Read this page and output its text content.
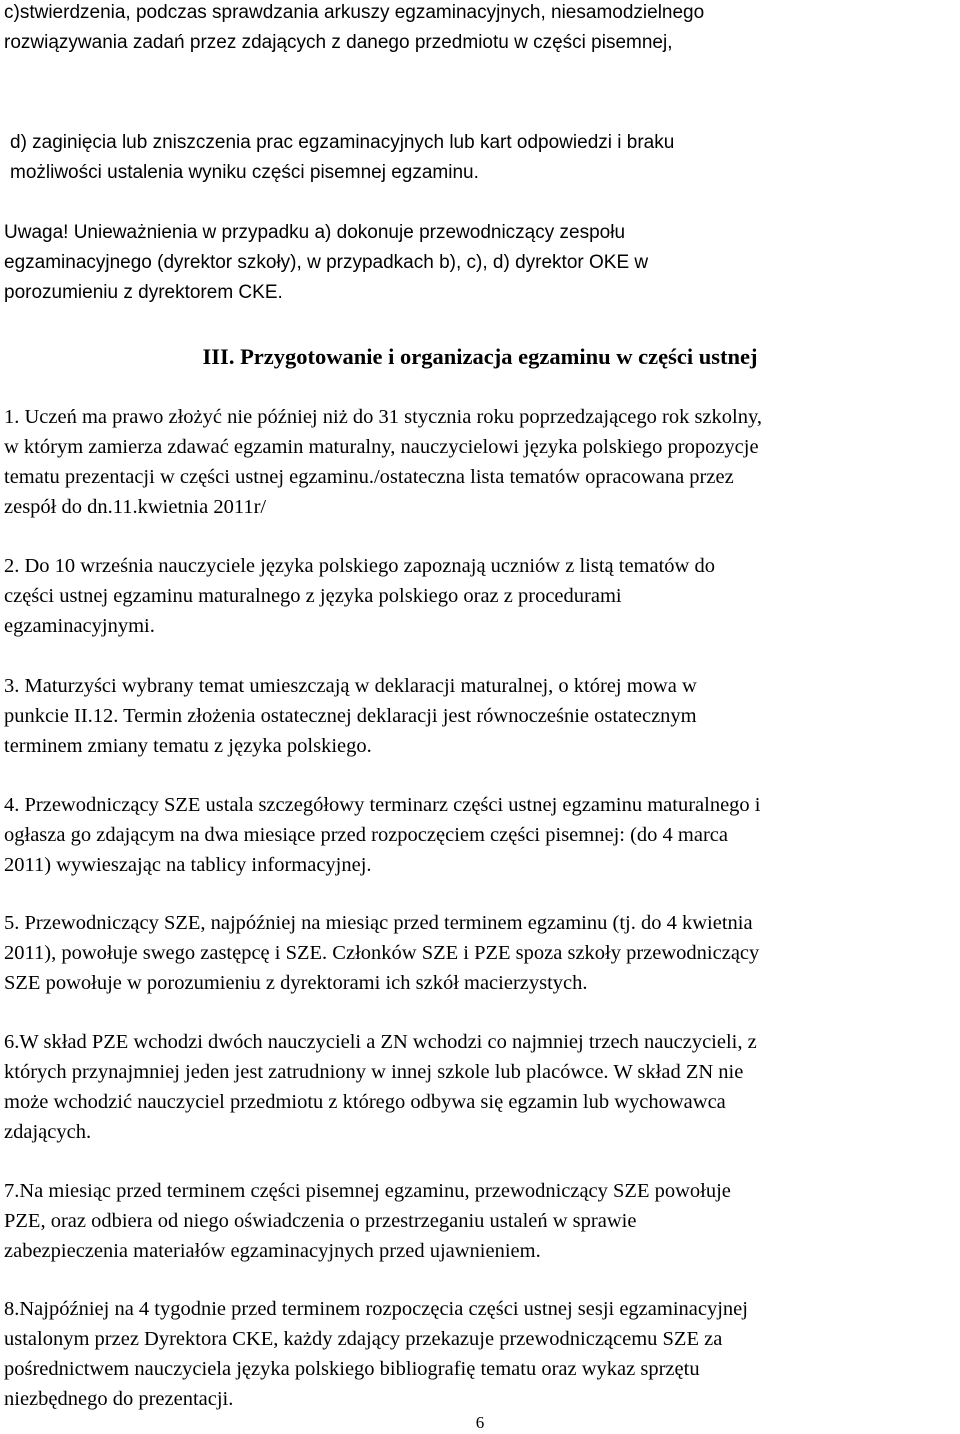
c)stwierdzenia, podczas sprawdzania arkuszy egzaminacyjnych, niesamodzielnego
rozwiązywania zadań przez zdających z danego przedmiotu w części pisemnej,

d) zaginięcia lub zniszczenia prac egzaminacyjnych lub kart odpowiedzi i braku
możliwości ustalenia wyniku części pisemnej egzaminu.

Uwaga! Unieważnienia w przypadku a) dokonuje przewodniczący zespołu
egzaminacyjnego (dyrektor szkoły), w przypadkach b), c), d) dyrektor OKE w
porozumieniu z dyrektorem CKE.

III. Przygotowanie i organizacja egzaminu w części ustnej

1. Uczeń ma prawo złożyć nie później niż do 31 stycznia roku poprzedzającego rok szkolny,
w którym zamierza zdawać egzamin maturalny, nauczycielowi języka polskiego propozycje
tematu prezentacji w części ustnej egzaminu./ostateczna lista tematów opracowana przez
zespół do dn.11.kwietnia 2011r/

2. Do 10 września nauczyciele języka polskiego zapoznają uczniów z listą tematów do
części ustnej egzaminu maturalnego z języka polskiego oraz z procedurami
egzaminacyjnymi.

3. Maturzyści wybrany temat umieszczają w deklaracji maturalnej, o której mowa w
punkcie II.12. Termin złożenia ostatecznej deklaracji jest równocześnie ostatecznym
terminem zmiany tematu z języka polskiego.

4. Przewodniczący SZE ustala szczegółowy terminarz części ustnej egzaminu maturalnego i
ogłasza go zdającym na dwa miesiące przed rozpoczęciem części pisemnej: (do 4 marca
2011) wywieszając na tablicy informacyjnej.

5. Przewodniczący SZE, najpóźniej na miesiąc przed terminem egzaminu (tj. do 4 kwietnia
2011), powołuje swego zastępcę i SZE. Członków SZE i PZE spoza szkoły przewodniczący
SZE powołuje w porozumieniu z dyrektorami ich szkół macierzystych.

6.W skład PZE wchodzi dwóch nauczycieli a ZN wchodzi co najmniej trzech nauczycieli, z
których przynajmniej jeden jest zatrudniony w innej szkole lub placówce. W skład ZN nie
może wchodzić nauczyciel przedmiotu z którego odbywa się egzamin lub wychowawca
zdających.

7.Na miesiąc przed terminem części pisemnej egzaminu, przewodniczący SZE powołuje
PZE, oraz odbiera od niego oświadczenia o przestrzeganiu ustaleń w sprawie
zabezpieczenia materiałów egzaminacyjnych przed ujawnieniem.

8.Najpóźniej na 4 tygodnie przed terminem rozpoczęcia części ustnej sesji egzaminacyjnej
ustalonym przez Dyrektora CKE, każdy zdający przekazuje przewodniczącemu SZE za
pośrednictwem nauczyciela języka polskiego bibliografię tematu oraz wykaz sprzętu
niezbędnego do prezentacji.

6
